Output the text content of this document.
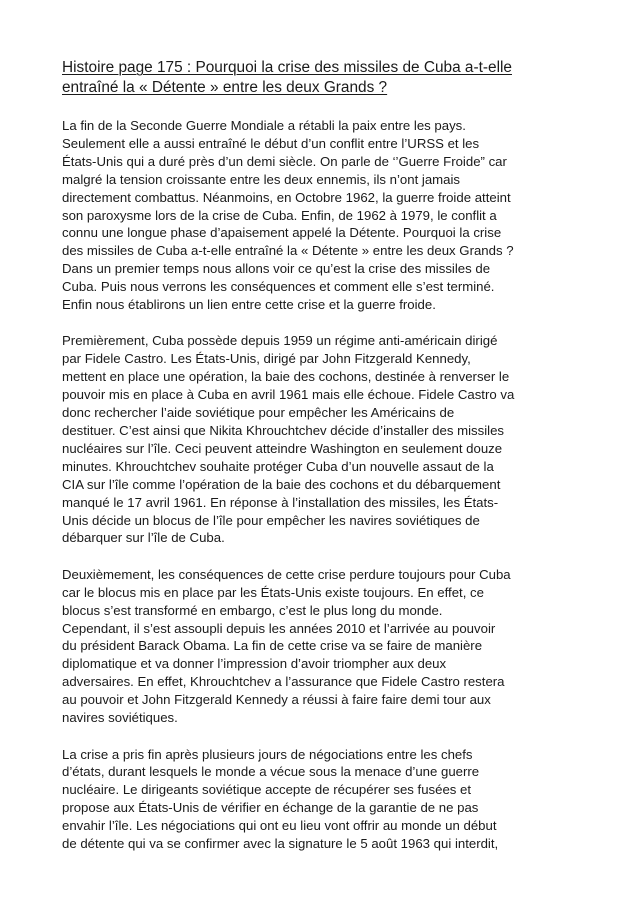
Histoire page 175 : Pourquoi la crise des missiles de Cuba a-t-elle
entraîné la « Détente » entre les deux Grands ?

La fin de la Seconde Guerre Mondiale a rétabli la paix entre les pays.
Seulement elle a aussi entraîné le début d’un conflit entre l’URSS et les
États-Unis qui a duré près d’un demi siècle. On parle de ‘’Guerre Froide” car
malgré la tension croissante entre les deux ennemis, ils n’ont jamais
directement combattus. Néanmoins, en Octobre 1962, la guerre froide atteint
son paroxysme lors de la crise de Cuba. Enfin, de 1962 à 1979, le conflit a
connu une longue phase d’apaisement appelé la Détente. Pourquoi la crise
des missiles de Cuba a-t-elle entraîné la « Détente » entre les deux Grands ?
Dans un premier temps nous allons voir ce qu’est la crise des missiles de
Cuba. Puis nous verrons les conséquences et comment elle s’est terminé.
Enfin nous établirons un lien entre cette crise et la guerre froide.

Premièrement, Cuba possède depuis 1959 un régime anti-américain dirigé
par Fidele Castro. Les États-Unis, dirigé par John Fitzgerald Kennedy,
mettent en place une opération, la baie des cochons, destinée à renverser le
pouvoir mis en place à Cuba en avril 1961 mais elle échoue. Fidele Castro va
donc rechercher l’aide soviétique pour empêcher les Américains de
destituer. C’est ainsi que Nikita Khrouchtchev décide d’installer des missiles
nucléaires sur l’île. Ceci peuvent atteindre Washington en seulement douze
minutes. Khrouchtchev souhaite protéger Cuba d’un nouvelle assaut de la
CIA sur l’île comme l’opération de la baie des cochons et du débarquement
manqué le 17 avril 1961. En réponse à l’installation des missiles, les États-
Unis décide un blocus de l’île pour empêcher les navires soviétiques de
débarquer sur l’île de Cuba.

Deuxièmement, les conséquences de cette crise perdure toujours pour Cuba
car le blocus mis en place par les États-Unis existe toujours. En effet, ce
blocus s’est transformé en embargo, c’est le plus long du monde.
Cependant, il s’est assoupli depuis les années 2010 et l’arrivée au pouvoir
du président Barack Obama. La fin de cette crise va se faire de manière
diplomatique et va donner l’impression d’avoir triompher aux deux
adversaires. En effet, Khrouchtchev a l’assurance que Fidele Castro restera
au pouvoir et John Fitzgerald Kennedy a réussi à faire faire demi tour aux
navires soviétiques.

La crise a pris fin après plusieurs jours de négociations entre les chefs
d’états, durant lesquels le monde a vécue sous la menace d’une guerre
nucléaire. Le dirigeants soviétique accepte de récupérer ses fusées et
propose aux États-Unis de vérifier en échange de la garantie de ne pas
envahir l’île. Les négociations qui ont eu lieu vont offrir au monde un début
de détente qui va se confirmer avec la signature le 5 août 1963 qui interdit,
